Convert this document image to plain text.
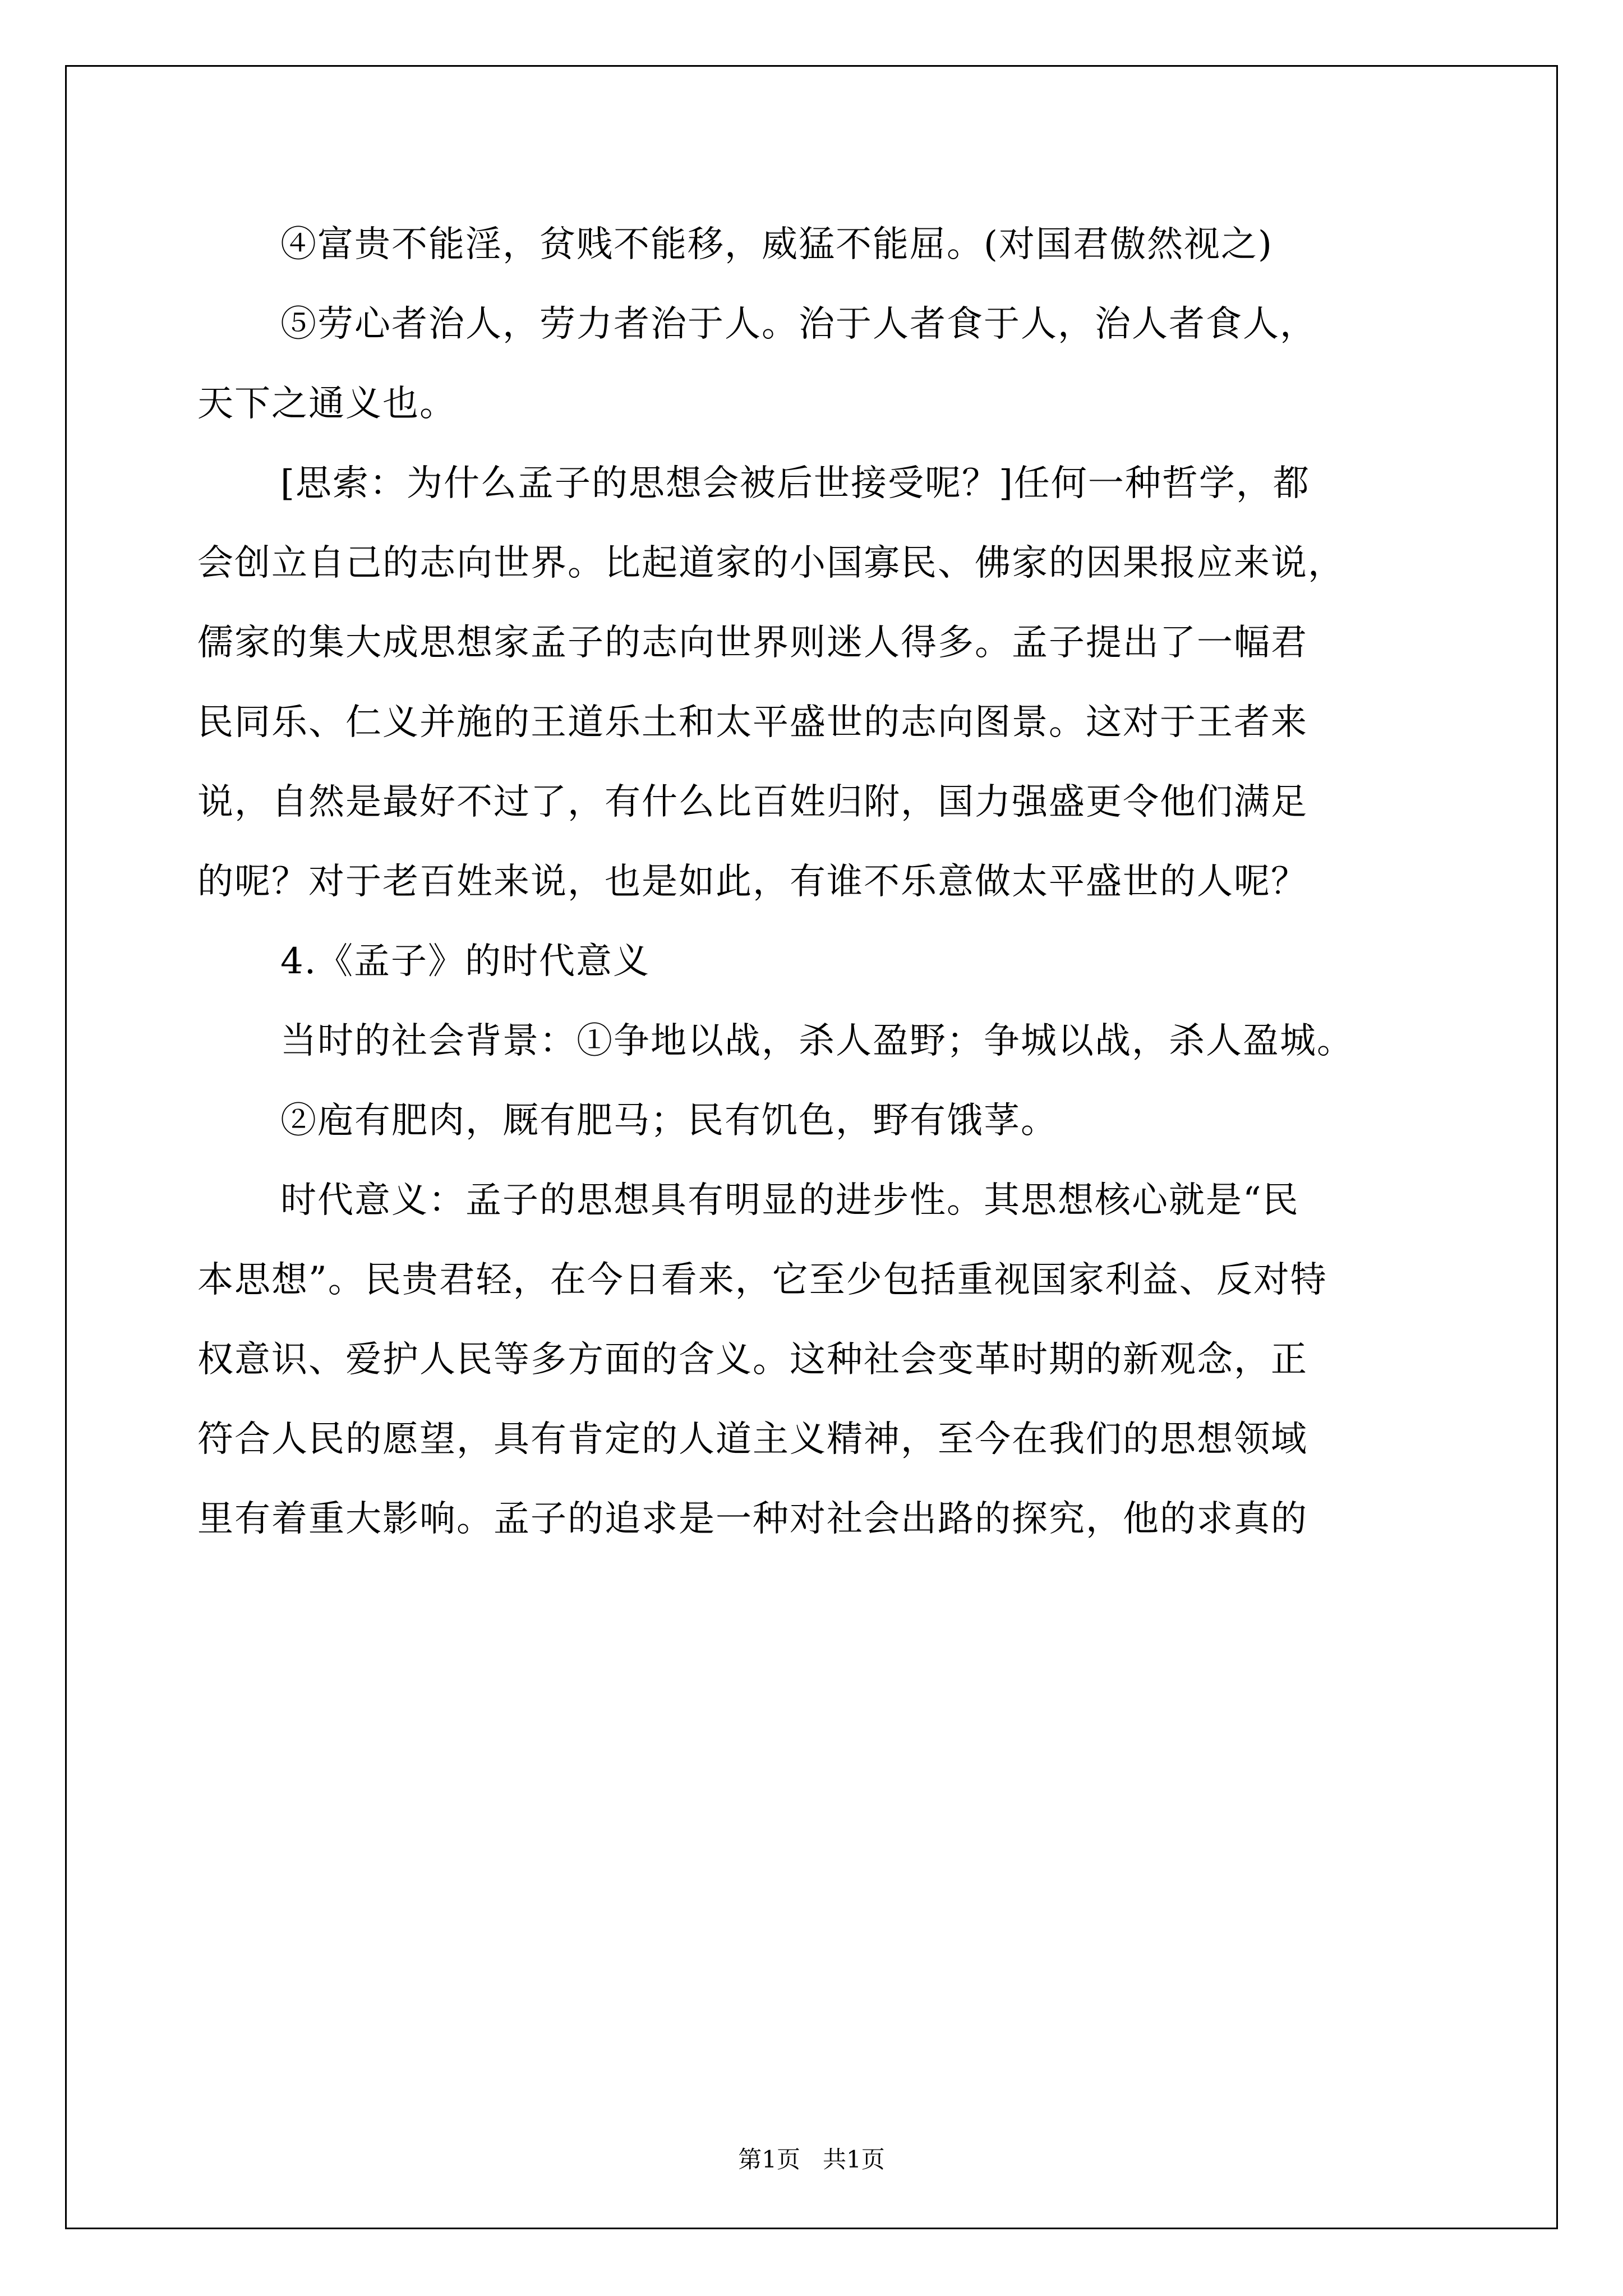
④富贵不能淫，贫贱不能移，威猛不能屈。(对国君傲然视之)
⑤劳心者治人，劳力者治于人。治于人者食于人，治人者食人，
天下之通义也。
[思索：为什么孟子的思想会被后世接受呢？]任何一种哲学，都
会创立自己的志向世界。比起道家的小国寡民、佛家的因果报应来说，
儒家的集大成思想家孟子的志向世界则迷人得多。孟子提出了一幅君
民同乐、仁义并施的王道乐土和太平盛世的志向图景。这对于王者来
说，自然是最好不过了，有什么比百姓归附，国力强盛更令他们满足
的呢？对于老百姓来说，也是如此，有谁不乐意做太平盛世的人呢？
4.《孟子》的时代意义
当时的社会背景：①争地以战，杀人盈野；争城以战，杀人盈城。
②庖有肥肉，厩有肥马；民有饥色，野有饿莩。
时代意义：孟子的思想具有明显的进步性。其思想核心就是“民
本思想”。民贵君轻，在今日看来，它至少包括重视国家利益、反对特
权意识、爱护人民等多方面的含义。这种社会变革时期的新观念，正
符合人民的愿望，具有肯定的人道主义精神，至今在我们的思想领域
里有着重大影响。孟子的追求是一种对社会出路的探究，他的求真的
第1页   共1页
